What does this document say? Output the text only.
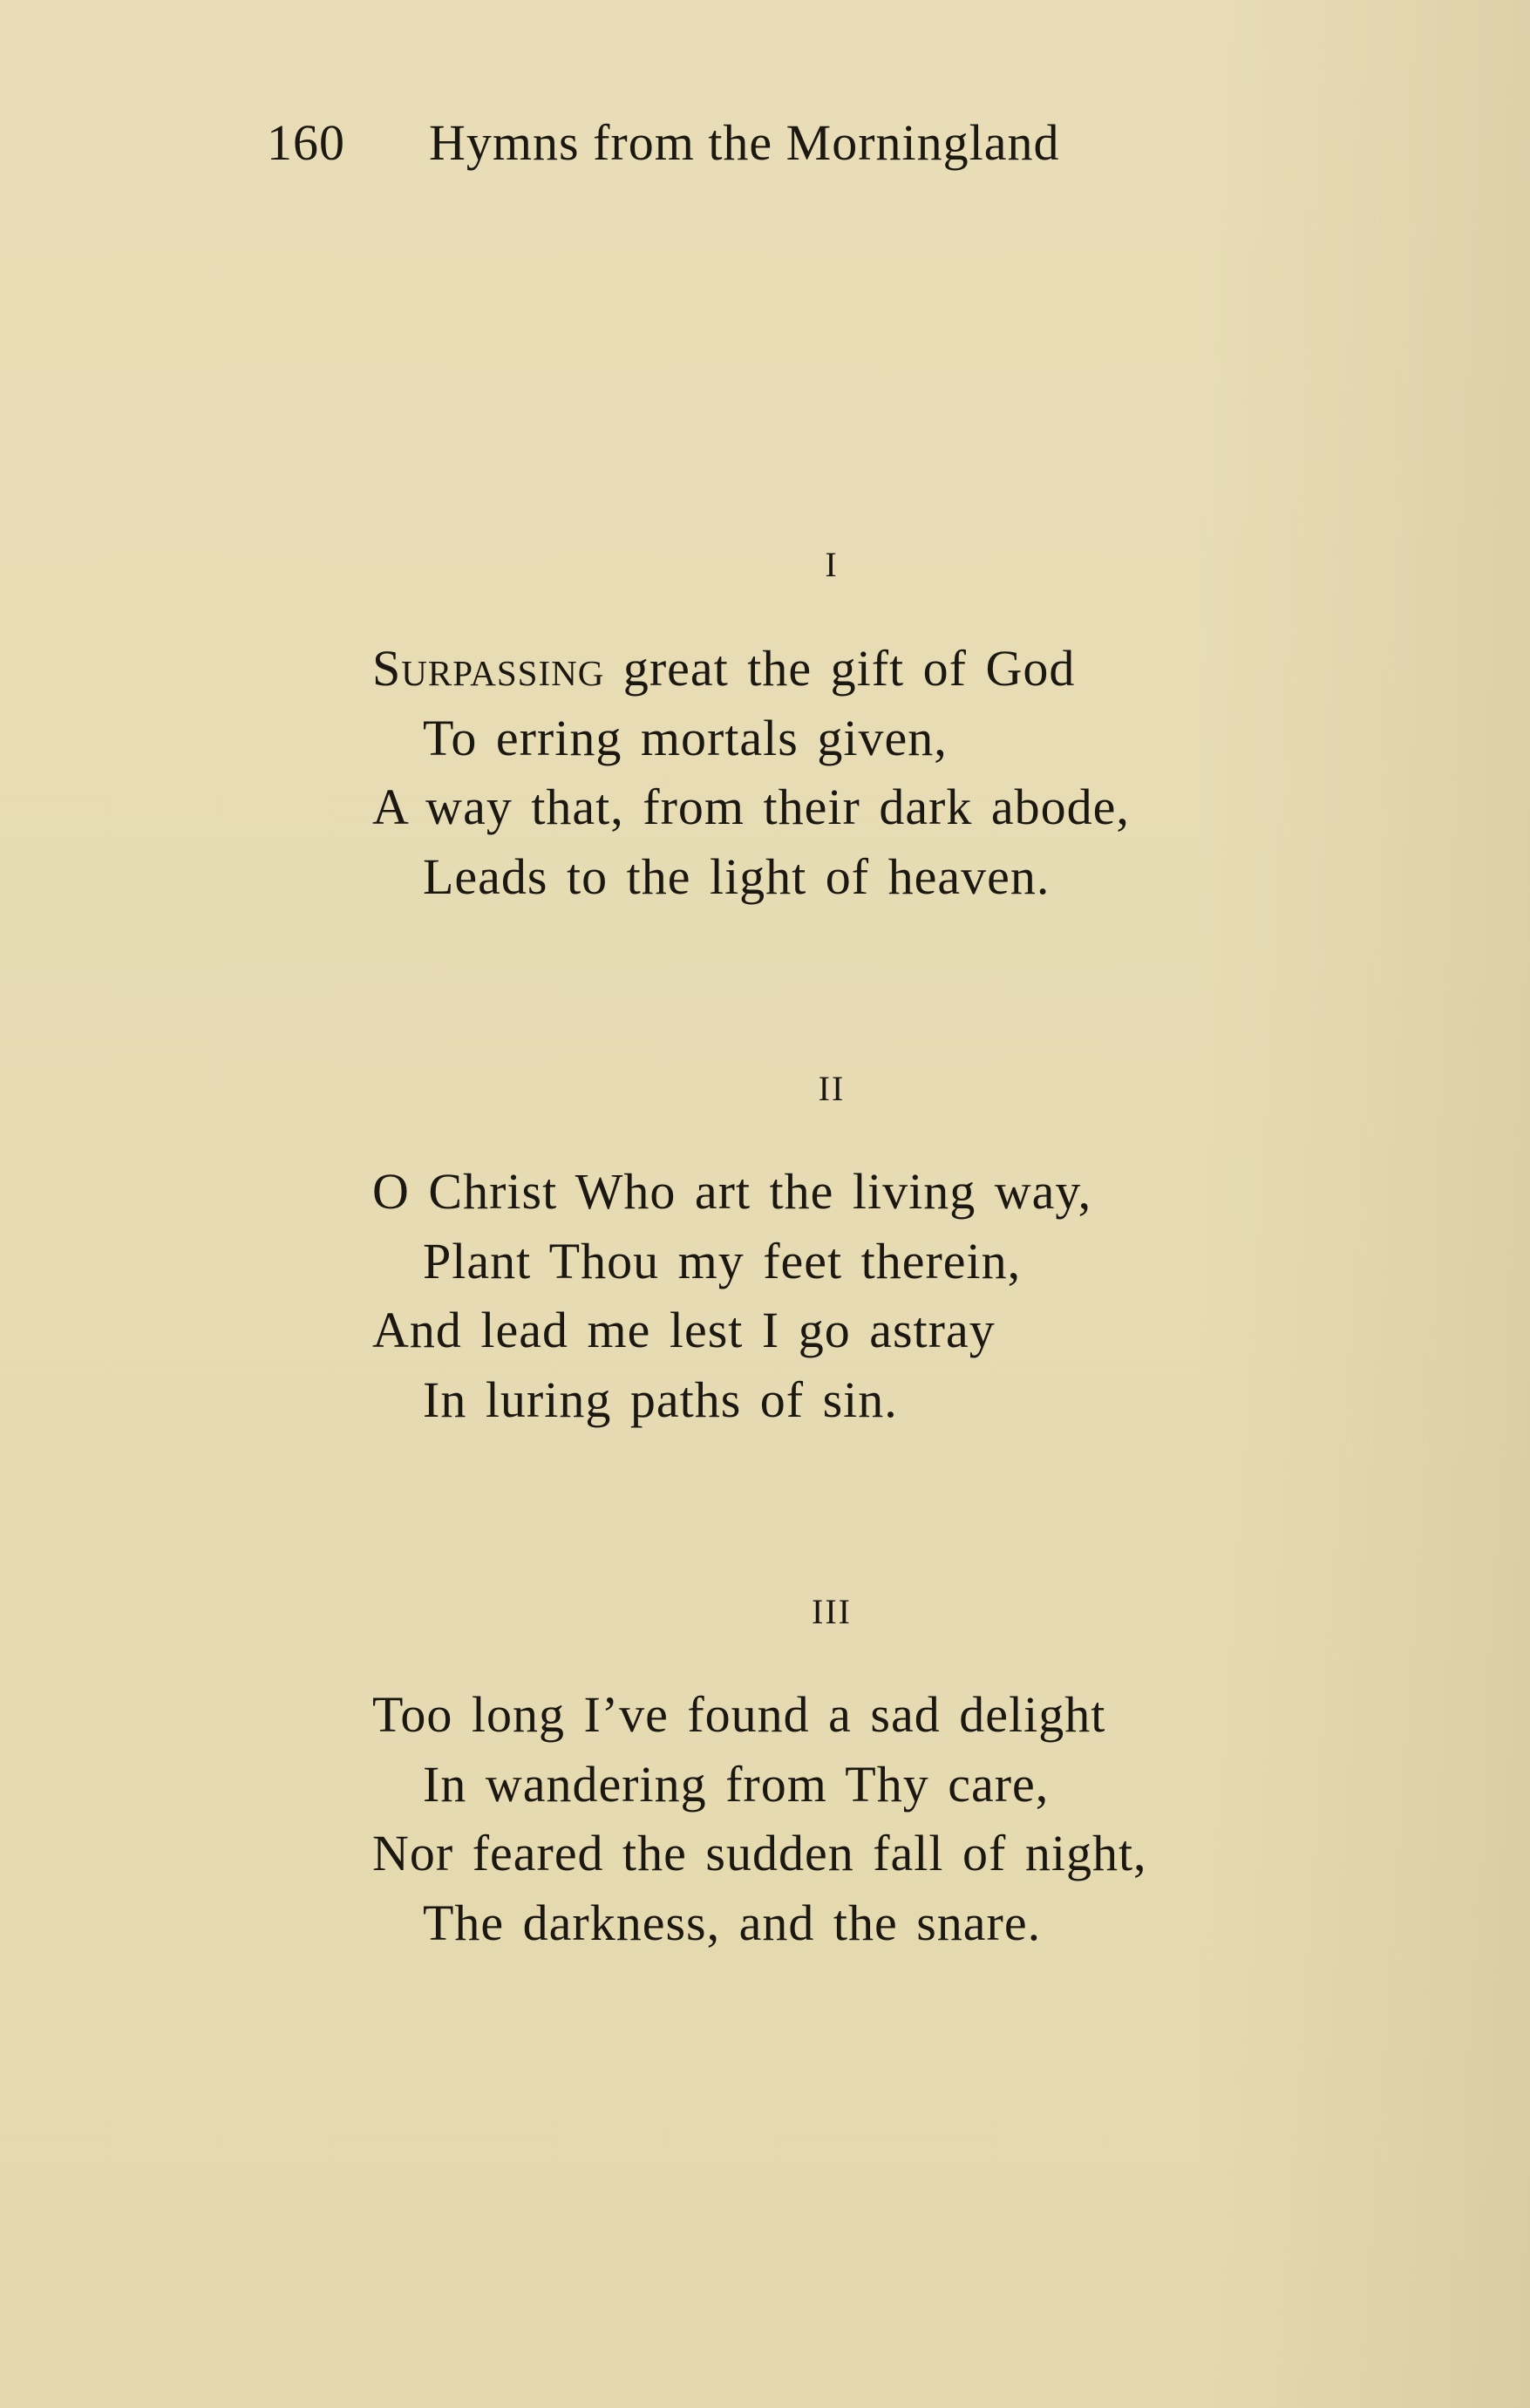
160 Hymns from the Morningland
I
Surpassing great the gift of God
To erring mortals given,
A way that, from their dark abode,
Leads to the light of heaven.
II
O Christ Who art the living way,
Plant Thou my feet therein,
And lead me lest I go astray
In luring paths of sin.
III
Too long I’ve found a sad delight
In wandering from Thy care,
Nor feared the sudden fall of night,
The darkness, and the snare.
